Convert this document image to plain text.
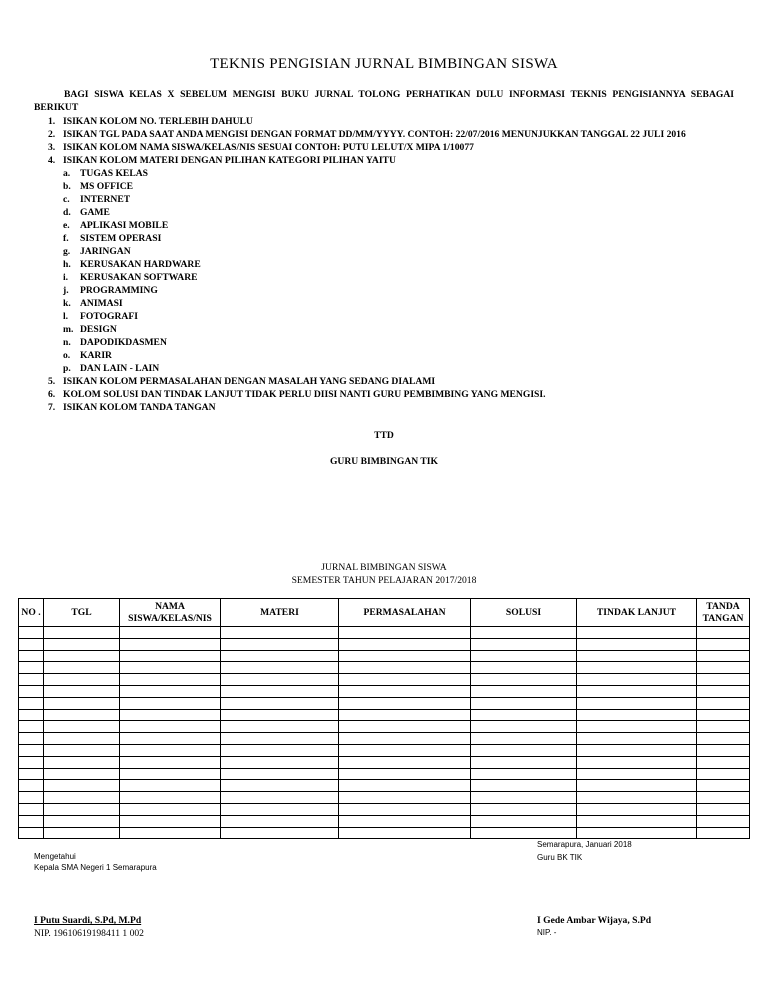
TEKNIS PENGISIAN JURNAL BIMBINGAN SISWA
BAGI SISWA KELAS X SEBELUM MENGISI BUKU JURNAL TOLONG PERHATIKAN DULU INFORMASI TEKNIS PENGISIANNYA SEBAGAI
BERIKUT
1. ISIKAN KOLOM NO. TERLEBIH DAHULU
2. ISIKAN TGL PADA SAAT ANDA MENGISI DENGAN FORMAT DD/MM/YYYY. CONTOH: 22/07/2016 MENUNJUKKAN TANGGAL 22 JULI 2016
3. ISIKAN KOLOM NAMA SISWA/KELAS/NIS SESUAI CONTOH: PUTU LELUT/X MIPA 1/10077
4. ISIKAN KOLOM MATERI DENGAN PILIHAN KATEGORI PILIHAN YAITU
a.	TUGAS KELAS
b. MS OFFICE
c.	INTERNET
d. GAME
e.	APLIKASI MOBILE
f.	SISTEM OPERASI
g.	JARINGAN
h. KERUSAKAN HARDWARE
i.	KERUSAKAN SOFTWARE
j.	PROGRAMMING
k. ANIMASI
l.	FOTOGRAFI
m. DESIGN
n. DAPODIKDASMEN
o.	KARIR
p. DAN LAIN - LAIN
5. ISIKAN KOLOM PERMASALAHAN DENGAN MASALAH YANG SEDANG DIALAMI
6. KOLOM SOLUSI DAN TINDAK LANJUT TIDAK PERLU DIISI NANTI GURU PEMBIMBING YANG MENGISI.
7. ISIKAN KOLOM TANDA TANGAN
TTD
GURU BIMBINGAN TIK
JURNAL BIMBINGAN SISWA
SEMESTER TAHUN PELAJARAN 2017/2018
NO .	TGL	NAMA SISWA/KELAS/NIS	MATERI	PERMASALAHAN	SOLUSI	TINDAK LANJUT	TANDA TANGAN

Semarapura, Januari 2018
Guru BK TIK
Mengetahui
Kepala SMA Negeri 1 Semarapura
I Putu Suardi, S.Pd, M.Pd
NIP. 19610619198411 1 002
I Gede Ambar Wijaya, S.Pd
NIP. -
